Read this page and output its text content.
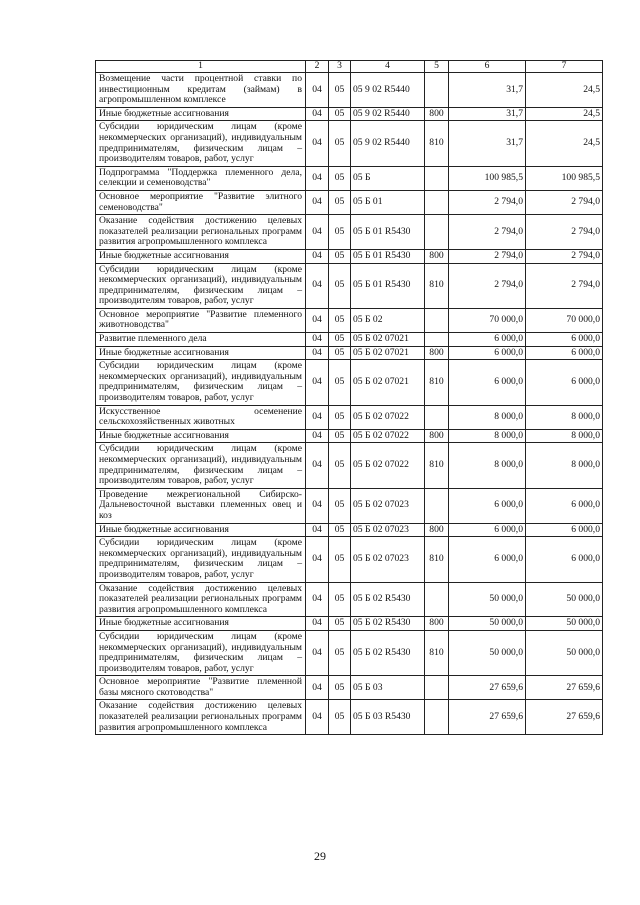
1	2	3	4	5	6	7
Возмещение части процентной ставки по инвестиционным кредитам (займам) в агропромышленном комплексе	04	05	05 9 02 R5440		31,7	24,5
Иные бюджетные ассигнования	04	05	05 9 02 R5440	800	31,7	24,5
Субсидии юридическим лицам (кроме некоммерческих организаций), индивидуальным предпринимателям, физическим лицам – производителям товаров, работ, услуг	04	05	05 9 02 R5440	810	31,7	24,5
Подпрограмма "Поддержка племенного дела, селекции и семеноводства"	04	05	05 Б		100 985,5	100 985,5
Основное мероприятие "Развитие элитного семеноводства"	04	05	05 Б 01		2 794,0	2 794,0
Оказание содействия достижению целевых показателей реализации региональных программ развития агропромышленного комплекса	04	05	05 Б 01 R5430		2 794,0	2 794,0
Иные бюджетные ассигнования	04	05	05 Б 01 R5430	800	2 794,0	2 794,0
Субсидии юридическим лицам (кроме некоммерческих организаций), индивидуальным предпринимателям, физическим лицам – производителям товаров, работ, услуг	04	05	05 Б 01 R5430	810	2 794,0	2 794,0
Основное мероприятие "Развитие племенного животноводства"	04	05	05 Б 02		70 000,0	70 000,0
Развитие племенного дела	04	05	05 Б 02 07021		6 000,0	6 000,0
Иные бюджетные ассигнования	04	05	05 Б 02 07021	800	6 000,0	6 000,0
Субсидии юридическим лицам (кроме некоммерческих организаций), индивидуальным предпринимателям, физическим лицам – производителям товаров, работ, услуг	04	05	05 Б 02 07021	810	6 000,0	6 000,0
Искусственное осеменение сельскохозяйственных животных	04	05	05 Б 02 07022		8 000,0	8 000,0
Иные бюджетные ассигнования	04	05	05 Б 02 07022	800	8 000,0	8 000,0
Субсидии юридическим лицам (кроме некоммерческих организаций), индивидуальным предпринимателям, физическим лицам – производителям товаров, работ, услуг	04	05	05 Б 02 07022	810	8 000,0	8 000,0
Проведение межрегиональной Сибирско-Дальневосточной выставки племенных овец и коз	04	05	05 Б 02 07023		6 000,0	6 000,0
Иные бюджетные ассигнования	04	05	05 Б 02 07023	800	6 000,0	6 000,0
Субсидии юридическим лицам (кроме некоммерческих организаций), индивидуальным предпринимателям, физическим лицам – производителям товаров, работ, услуг	04	05	05 Б 02 07023	810	6 000,0	6 000,0
Оказание содействия достижению целевых показателей реализации региональных программ развития агропромышленного комплекса	04	05	05 Б 02 R5430		50 000,0	50 000,0
Иные бюджетные ассигнования	04	05	05 Б 02 R5430	800	50 000,0	50 000,0
Субсидии юридическим лицам (кроме некоммерческих организаций), индивидуальным предпринимателям, физическим лицам – производителям товаров, работ, услуг	04	05	05 Б 02 R5430	810	50 000,0	50 000,0
Основное мероприятие "Развитие племенной базы мясного скотоводства"	04	05	05 Б 03		27 659,6	27 659,6
Оказание содействия достижению целевых показателей реализации региональных программ развития агропромышленного комплекса	04	05	05 Б 03 R5430		27 659,6	27 659,6
29
